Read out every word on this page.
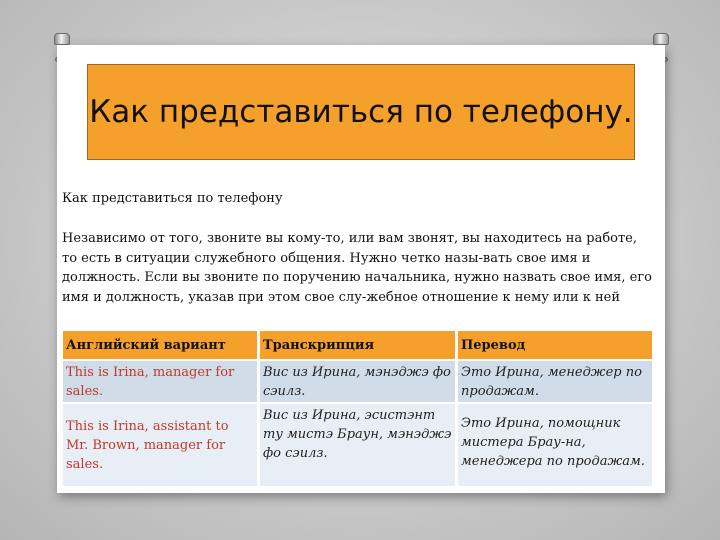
Как представиться по телефону.
Как представиться по телефону
Независимо от того, звоните вы кому-то, или вам звонят, вы находитесь на работе, то есть в ситуации служебного общения. Нужно четко назы-вать свое имя и должность. Если вы звоните по поручению начальника, нужно назвать свое имя, его имя и должность, указав при этом свое слу-жебное отношение к нему или к ней
Английский вариант	Транскрипция	Перевод
This is Irina, manager for sales.
Вис из Ирина, мэнэджэ фо сэилз.
Это Ирина, менеджер по продажам.
This is Irina, assistant to Mr. Brown, manager for sales.
Вис из Ирина, эсистэнт ту мистэ Браун, мэнэджэ фо сэилз.
Это Ирина, помощник мистера Брау-на, менеджера по продажам.
